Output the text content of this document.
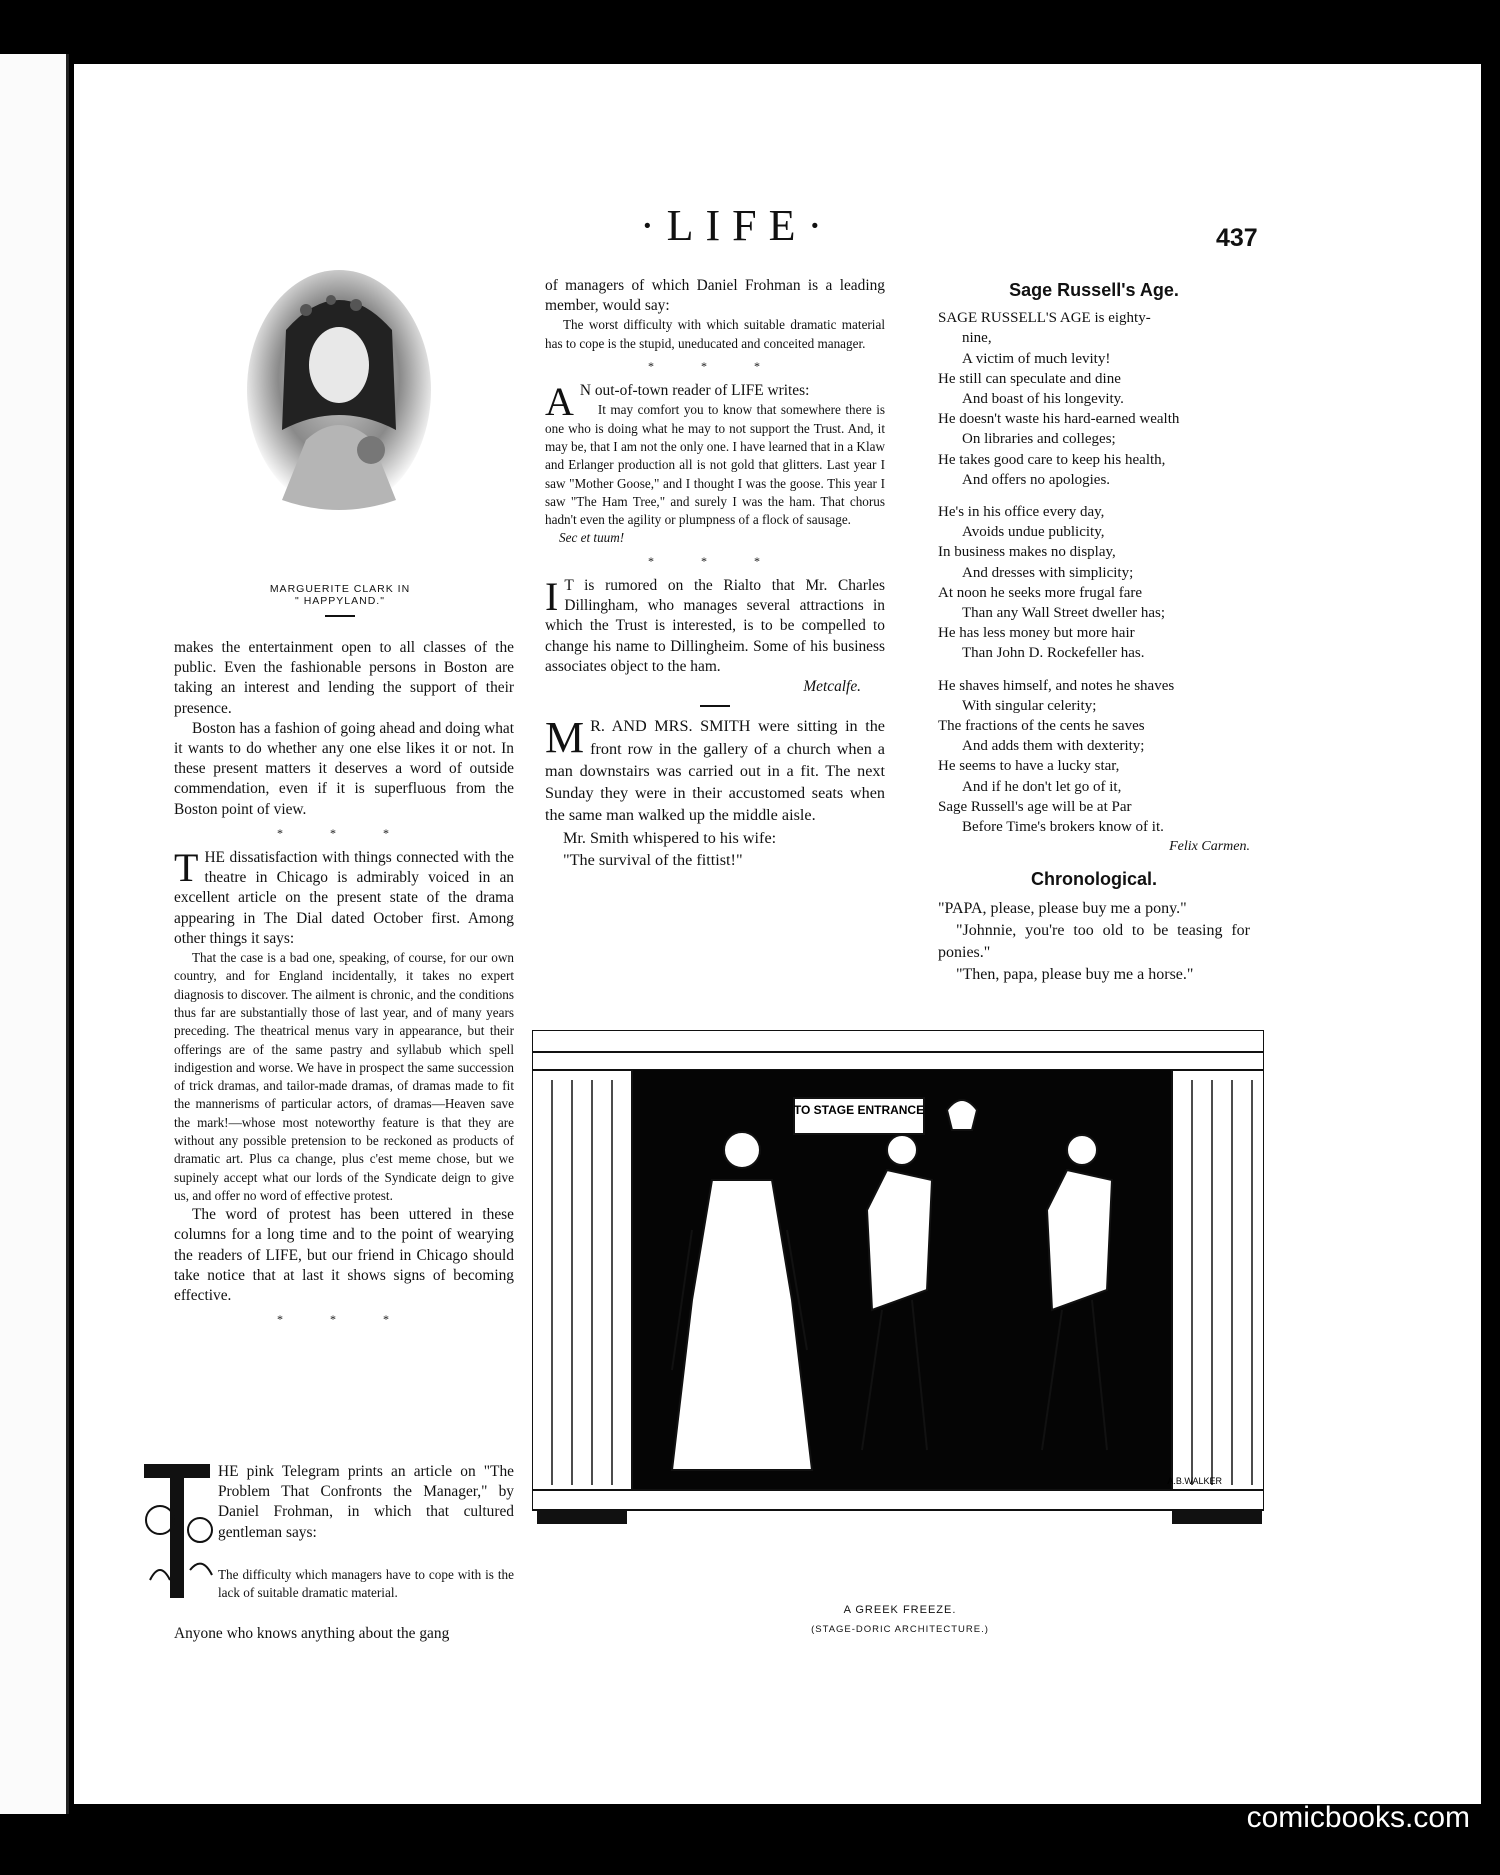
·LIFE·	437
MARGUERITE CLARK IN
" HAPPYLAND."

makes the entertainment open to all classes of the public. Even the fashionable persons in Boston are taking an interest and lending the support of their presence.

Boston has a fashion of going ahead and doing what it wants to do whether any one else likes it or not. In these present matters it deserves a word of outside commendation, even if it is superfluous from the Boston point of view.

* * *

THE dissatisfaction with things connected with the theatre in Chicago is admirably voiced in an excellent article on the present state of the drama appearing in The Dial dated October first. Among other things it says:

That the case is a bad one, speaking, of course, for our own country, and for England incidentally, it takes no expert diagnosis to discover. The ailment is chronic, and the conditions thus far are substantially those of last year, and of many years preceding. The theatrical menus vary in appearance, but their offerings are of the same pastry and syllabub which spell indigestion and worse. We have in prospect the same succession of trick dramas, and tailor-made dramas, of dramas made to fit the mannerisms of particular actors, of dramas—Heaven save the mark!—whose most noteworthy feature is that they are without any possible pretension to be reckoned as products of dramatic art. Plus ca change, plus c'est meme chose, but we supinely accept what our lords of the Syndicate deign to give us, and offer no word of effective protest.

The word of protest has been uttered in these columns for a long time and to the point of wearying the readers of LIFE, but our friend in Chicago should take notice that at last it shows signs of becoming effective.

* * *
HE pink Telegram prints an article on "The Problem That Confronts the Manager," by Daniel Frohman, in which that cultured gentleman says:
The difficulty which managers have to cope with is the lack of suitable dramatic material.
Anyone who knows anything about the gang

of managers of which Daniel Frohman is a leading member, would say:

The worst difficulty with which suitable dramatic material has to cope is the stupid, uneducated and conceited manager.

* * *

A N out-of-town reader of LIFE writes:

It may comfort you to know that somewhere there is one who is doing what he may to not support the Trust. And, it may be, that I am not the only one. I have learned that in a Klaw and Erlanger production all is not gold that glitters. Last year I saw "Mother Goose," and I thought I was the goose. This year I saw "The Ham Tree," and surely I was the ham. That chorus hadn't even the agility or plumpness of a flock of sausage.

Sec et tuum!

* * *

I T is rumored on the Rialto that Mr. Charles Dillingham, who manages several attractions in which the Trust is interested, is to be compelled to change his name to Dillingheim. Some of his business associates object to the ham.

Metcalfe.

M R. AND MRS. SMITH were sitting in the front row in the gallery of a church when a man downstairs was carried out in a fit. The next Sunday they were in their accustomed seats when the same man walked up the middle aisle.

Mr. Smith whispered to his wife:

"The survival of the fittist!"

Sage Russell's Age.
SAGE RUSSELL'S AGE is eighty-
nine,
A victim of much levity!
He still can speculate and dine
And boast of his longevity.
He doesn't waste his hard-earned wealth
On libraries and colleges;
He takes good care to keep his health,
And offers no apologies.
He's in his office every day,
Avoids undue publicity,
In business makes no display,
And dresses with simplicity;
At noon he seeks more frugal fare
Than any Wall Street dweller has;
He has less money but more hair
Than John D. Rockefeller has.
He shaves himself, and notes he shaves
With singular celerity;
The fractions of the cents he saves
And adds them with dexterity;
He seems to have a lucky star,
And if he don't let go of it,
Sage Russell's age will be at Par
Before Time's brokers know of it.

Felix Carmen.

Chronological.

"PAPA, please, please buy me a pony."

"Johnnie, you're too old to be teasing for ponies."

"Then, papa, please buy me a horse."

TO STAGE ENTRANCE
A.B.WALKER
A GREEK FREEZE.
(STAGE-DORIC ARCHITECTURE.)
comicbooks.com
